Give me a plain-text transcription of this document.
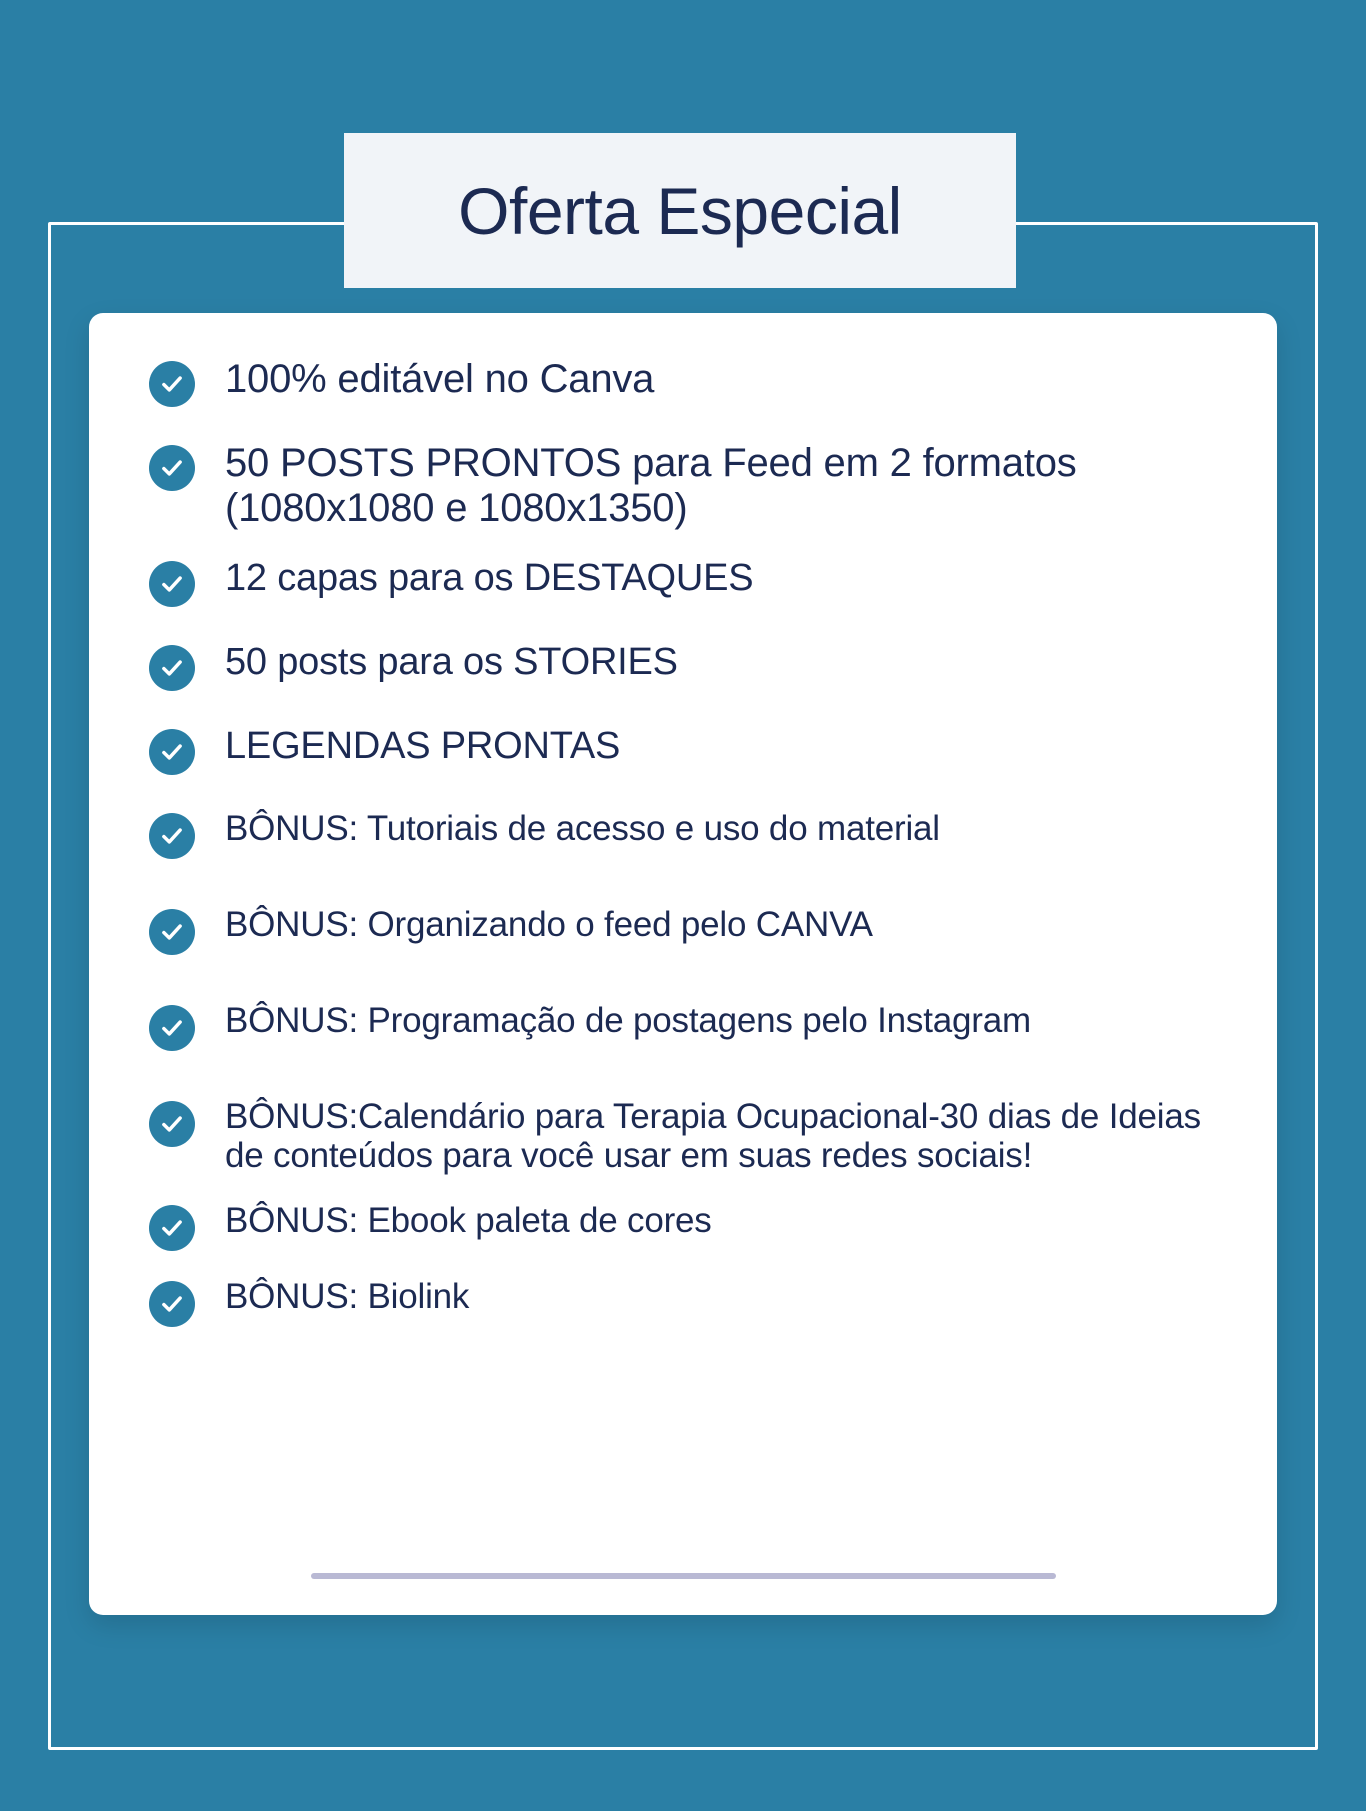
Oferta Especial
100% editável no Canva
50 POSTS PRONTOS para Feed em 2 formatos (1080x1080 e 1080x1350)
12 capas para os DESTAQUES
50 posts para os STORIES
LEGENDAS PRONTAS
BÔNUS: Tutoriais de acesso e uso do material
BÔNUS: Organizando o feed pelo CANVA
BÔNUS: Programação de postagens pelo Instagram
BÔNUS:Calendário para Terapia Ocupacional-30 dias de Ideias de conteúdos para você usar em suas redes sociais!
BÔNUS: Ebook paleta de cores
BÔNUS: Biolink
